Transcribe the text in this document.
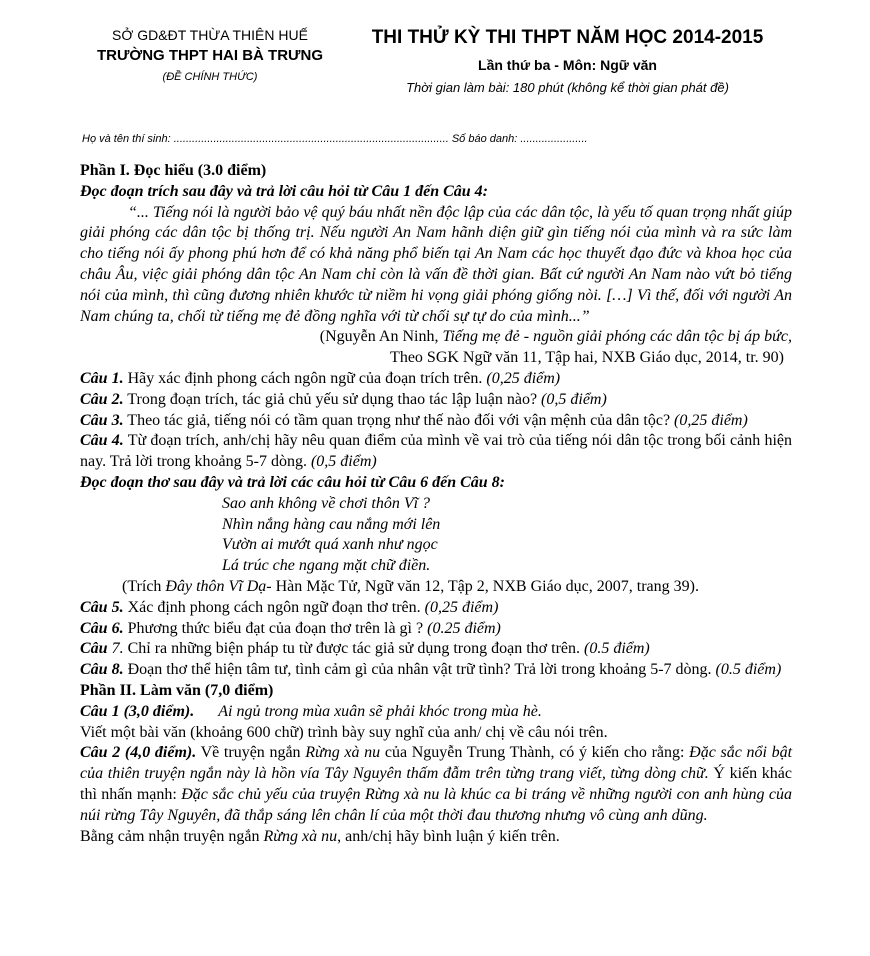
SỞ GD&ĐT THỪA THIÊN HUẾ
TRƯỜNG THPT HAI BÀ TRƯNG
(ĐỀ CHÍNH THỨC)
THI THỬ KỲ THI THPT NĂM HỌC 2014-2015
Lần thứ ba - Môn: Ngữ văn
Thời gian làm bài: 180 phút (không kể thời gian phát đề)
Họ và tên thí sinh: .......................................................................................... Số báo danh: ......................

Phần I. Đọc hiểu (3.0 điểm)

Đọc đoạn trích sau đây và trả lời câu hỏi từ Câu 1 đến Câu 4:

“... Tiếng nói là người bảo vệ quý báu nhất nền độc lập của các dân tộc, là yếu tố quan trọng nhất giúp giải phóng các dân tộc bị thống trị. Nếu người An Nam hãnh diện giữ gìn tiếng nói của mình và ra sức làm cho tiếng nói ấy phong phú hơn để có khả năng phổ biến tại An Nam các học thuyết đạo đức và khoa học của châu Âu, việc giải phóng dân tộc An Nam chỉ còn là vấn đề thời gian. Bất cứ người An Nam nào vứt bỏ tiếng nói của mình, thì cũng đương nhiên khước từ niềm hi vọng giải phóng giống nòi. […] Vì thế, đối với người An Nam chúng ta, chối từ tiếng mẹ đẻ đồng nghĩa với từ chối sự tự do của mình...”

(Nguyễn An Ninh, Tiếng mẹ đẻ - nguồn giải phóng các dân tộc bị áp bức,

Theo SGK Ngữ văn 11, Tập hai, NXB Giáo dục, 2014, tr. 90)

Câu 1. Hãy xác định phong cách ngôn ngữ của đoạn trích trên. (0,25 điểm)

Câu 2. Trong đoạn trích, tác giả chủ yếu sử dụng thao tác lập luận nào? (0,5 điểm)

Câu 3. Theo tác giả, tiếng nói có tầm quan trọng như thế nào đối với vận mệnh của dân tộc? (0,25 điểm)

Câu 4. Từ đoạn trích, anh/chị hãy nêu quan điểm của mình về vai trò của tiếng nói dân tộc trong bối cảnh hiện nay. Trả lời trong khoảng 5-7 dòng. (0,5 điểm)

Đọc đoạn thơ sau đây và trả lời các câu hỏi từ Câu 6 đến Câu 8:

Sao anh không về chơi thôn Vĩ ?

Nhìn nắng hàng cau nắng mới lên

Vườn ai mướt quá xanh như ngọc

Lá trúc che ngang mặt chữ điền.

(Trích Đây thôn Vĩ Dạ- Hàn Mặc Tử, Ngữ văn 12, Tập 2, NXB Giáo dục, 2007, trang 39).

Câu 5. Xác định phong cách ngôn ngữ đoạn thơ trên. (0,25 điểm)

Câu 6. Phương thức biểu đạt của đoạn thơ trên là gì ? (0.25 điểm)

Câu 7. Chỉ ra những biện pháp tu từ được tác giả sử dụng trong đoạn thơ trên. (0.5 điểm)

Câu 8. Đoạn thơ thể hiện tâm tư, tình cảm gì của nhân vật trữ tình? Trả lời trong khoảng 5-7 dòng. (0.5 điểm)

Phần II. Làm văn (7,0 điểm)

Câu 1 (3,0 điểm). Ai ngủ trong mùa xuân sẽ phải khóc trong mùa hè.

Viết một bài văn (khoảng 600 chữ) trình bày suy nghĩ của anh/ chị về câu nói trên.

Câu 2 (4,0 điểm). Về truyện ngắn Rừng xà nu của Nguyễn Trung Thành, có ý kiến cho rằng: Đặc sắc nổi bật của thiên truyện ngắn này là hồn vía Tây Nguyên thấm đẫm trên từng trang viết, từng dòng chữ. Ý kiến khác thì nhấn mạnh: Đặc sắc chủ yếu của truyện Rừng xà nu là khúc ca bi tráng về những người con anh hùng của núi rừng Tây Nguyên, đã thắp sáng lên chân lí của một thời đau thương nhưng vô cùng anh dũng.

Bằng cảm nhận truyện ngắn Rừng xà nu, anh/chị hãy bình luận ý kiến trên.
